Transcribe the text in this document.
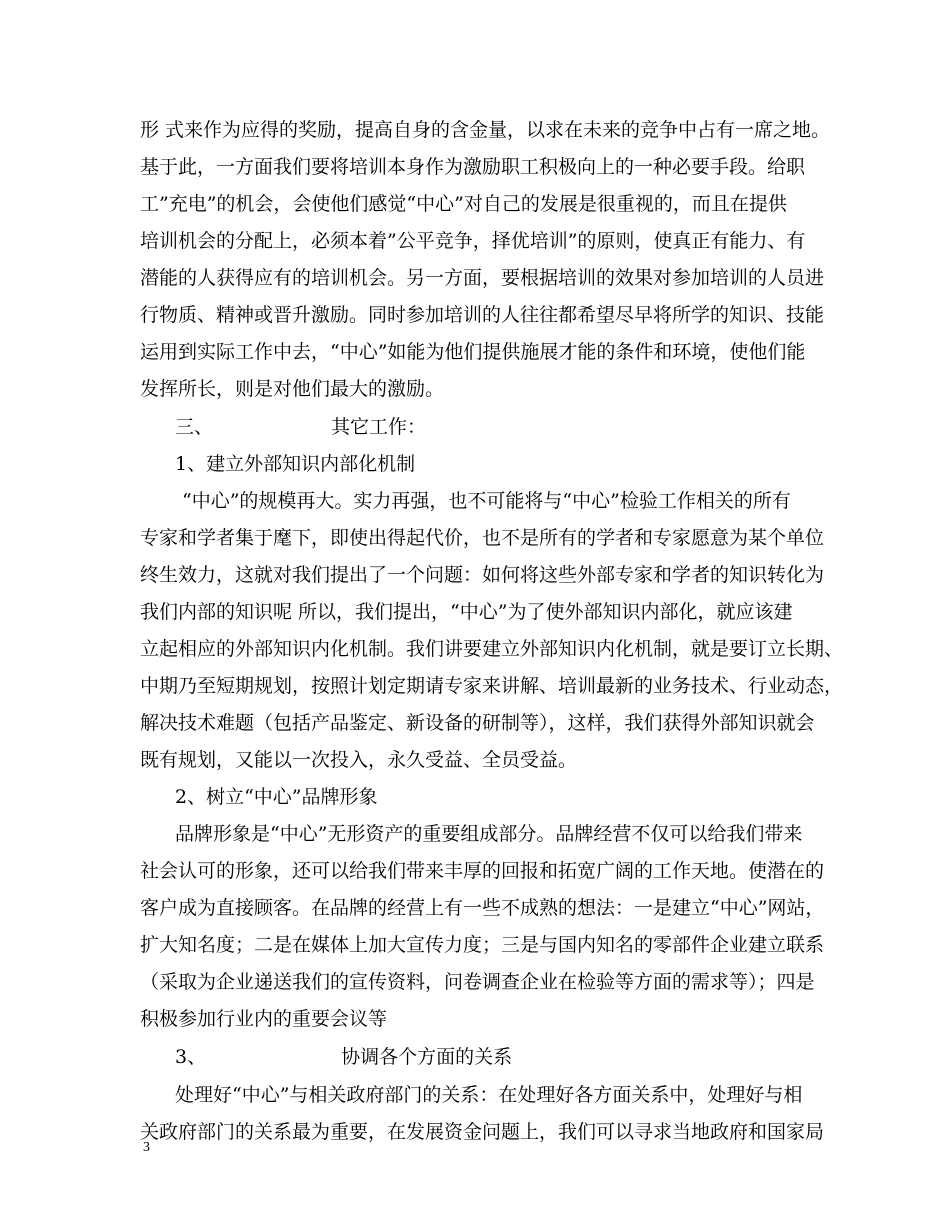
形 式来作为应得的奖励，提高自身的含金量，以求在未来的竞争中占有一席之地。
基于此，一方面我们要将培训本身作为激励职工积极向上的一种必要手段。给职
工”充电”的机会，会使他们感觉“中心”对自己的发展是很重视的，而且在提供
培训机会的分配上，必须本着”公平竞争，择优培训”的原则，使真正有能力、有
潜能的人获得应有的培训机会。另一方面，要根据培训的效果对参加培训的人员进
行物质、精神或晋升激励。同时参加培训的人往往都希望尽早将所学的知识、技能
运用到实际工作中去，“中心”如能为他们提供施展才能的条件和环境，使他们能
发挥所长，则是对他们最大的激励。
三、	其它工作：
1、建立外部知识内部化机制
“中心”的规模再大。实力再强，也不可能将与“中心”检验工作相关的所有
专家和学者集于麾下，即使出得起代价，也不是所有的学者和专家愿意为某个单位
终生效力，这就对我们提出了一个问题：如何将这些外部专家和学者的知识转化为
我们内部的知识呢 所以，我们提出，“中心”为了使外部知识内部化，就应该建
立起相应的外部知识内化机制。我们讲要建立外部知识内化机制，就是要订立长期、
中期乃至短期规划，按照计划定期请专家来讲解、培训最新的业务技术、行业动态，
解决技术难题（包括产品鉴定、新设备的研制等），这样，我们获得外部知识就会
既有规划，又能以一次投入，永久受益、全员受益。
2、树立“中心”品牌形象
品牌形象是“中心”无形资产的重要组成部分。品牌经营不仅可以给我们带来
社会认可的形象，还可以给我们带来丰厚的回报和拓宽广阔的工作天地。使潜在的
客户成为直接顾客。在品牌的经营上有一些不成熟的想法：一是建立“中心”网站，
扩大知名度；二是在媒体上加大宣传力度；三是与国内知名的零部件企业建立联系
（采取为企业递送我们的宣传资料，问卷调查企业在检验等方面的需求等）；四是
积极参加行业内的重要会议等
3、	协调各个方面的关系
处理好“中心”与相关政府部门的关系：在处理好各方面关系中，处理好与相
关政府部门的关系最为重要，在发展资金问题上，我们可以寻求当地政府和国家局
3
